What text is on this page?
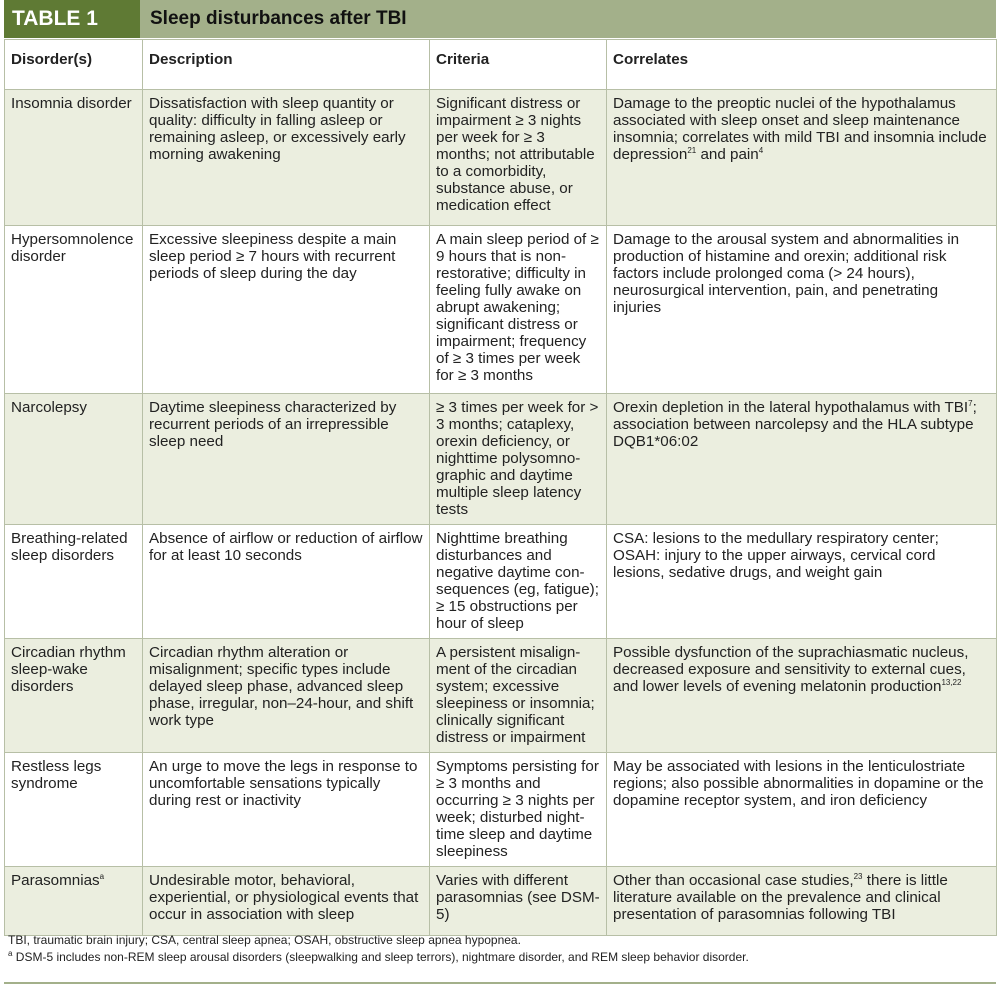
TABLE 1	Sleep disturbances after TBI
Disorder(s)	Description	Criteria	Correlates
Insomnia disorder	Dissatisfaction with sleep quantity or quality: difficulty in falling asleep or remaining asleep, or excessively early morning awakening	Significant distress or impairment ≥ 3 nights per week for ≥ 3 months; not attributable to a comorbidity, substance abuse, or medication effect	Damage to the preoptic nuclei of the hypothalamus associated with sleep onset and sleep maintenance insomnia; correlates with mild TBI and insomnia include depression$^{21}$ and pain$^4$
Hypersomnolence disorder	Excessive sleepiness despite a main sleep period ≥ 7 hours with recurrent periods of sleep during the day	A main sleep period of ≥ 9 hours that is non-restorative; difficulty in feeling fully awake on abrupt awakening; significant distress or impairment; frequency of ≥ 3 times per week for ≥ 3 months	Damage to the arousal system and abnormalities in production of histamine and orexin; additional risk factors include prolonged coma (> 24 hours), neurosurgical intervention, pain, and penetrating injuries
Narcolepsy	Daytime sleepiness characterized by recurrent periods of an irrepressible sleep need	≥ 3 times per week for > 3 months; cataplexy, orexin deficiency, or nighttime polysomno-graphic and daytime multiple sleep latency tests	Orexin depletion in the lateral hypothalamus with TBI$^7$; association between narcolepsy and the HLA subtype DQB1*06:02
Breathing-related sleep disorders	Absence of airflow or reduction of airflow for at least 10 seconds	Nighttime breathing disturbances and negative daytime con-sequences (eg, fatigue); ≥ 15 obstructions per hour of sleep	CSA: lesions to the medullary respiratory center; OSAH: injury to the upper airways, cervical cord lesions, sedative drugs, and weight gain
Circadian rhythm sleep-wake disorders	Circadian rhythm alteration or misalignment; specific types include delayed sleep phase, advanced sleep phase, irregular, non–24-hour, and shift work type	A persistent misalign-ment of the circadian system; excessive sleepiness or insomnia; clinically significant distress or impairment	Possible dysfunction of the suprachiasmatic nucleus, decreased exposure and sensitivity to external cues, and lower levels of evening melatonin production$^{13,22}$
Restless legs syndrome	An urge to move the legs in response to uncomfortable sensations typically during rest or inactivity	Symptoms persisting for ≥ 3 months and occurring ≥ 3 nights per week; disturbed night-time sleep and daytime sleepiness	May be associated with lesions in the lenticulostriate regions; also possible abnormalities in dopamine or the dopamine receptor system, and iron deficiency
Parasomnias$^a$	Undesirable motor, behavioral, experiential, or physiological events that occur in association with sleep	Varies with different parasomnias (see DSM-5)	Other than occasional case studies,$^{23}$ there is little literature available on the prevalence and clinical presentation of parasomnias following TBI
TBI, traumatic brain injury; CSA, central sleep apnea; OSAH, obstructive sleep apnea hypopnea.
$^a$ DSM-5 includes non-REM sleep arousal disorders (sleepwalking and sleep terrors), nightmare disorder, and REM sleep behavior disorder.
